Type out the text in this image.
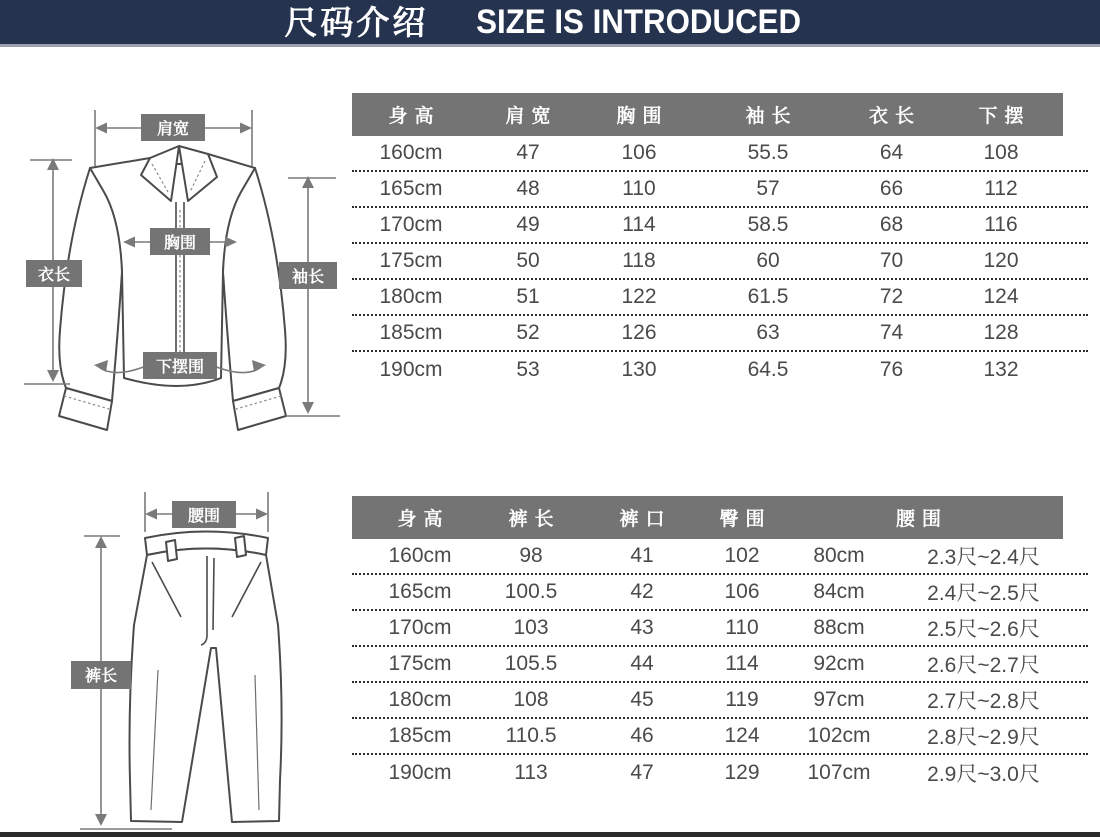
尺码介绍 SIZE IS INTRODUCED
肩宽
胸围
衣长	袖长
下摆围
身高	肩宽	胸围	袖长	衣长	下摆
160cm	47	106	55.5	64	108
165cm	48	110	57	66	112
170cm	49	114	58.5	68	116
175cm	50	118	60	70	120
180cm	51	122	61.5	72	124
185cm	52	126	63	74	128
190cm	53	130	64.5	76	132
腰围
裤长
身高	裤长	裤口	臀围	腰围
160cm	98	41	102	80cm	2.3尺~2.4尺
165cm	100.5	42	106	84cm	2.4尺~2.5尺
170cm	103	43	110	88cm	2.5尺~2.6尺
175cm	105.5	44	114	92cm	2.6尺~2.7尺
180cm	108	45	119	97cm	2.7尺~2.8尺
185cm	110.5	46	124	102cm	2.8尺~2.9尺
190cm	113	47	129	107cm	2.9尺~3.0尺
